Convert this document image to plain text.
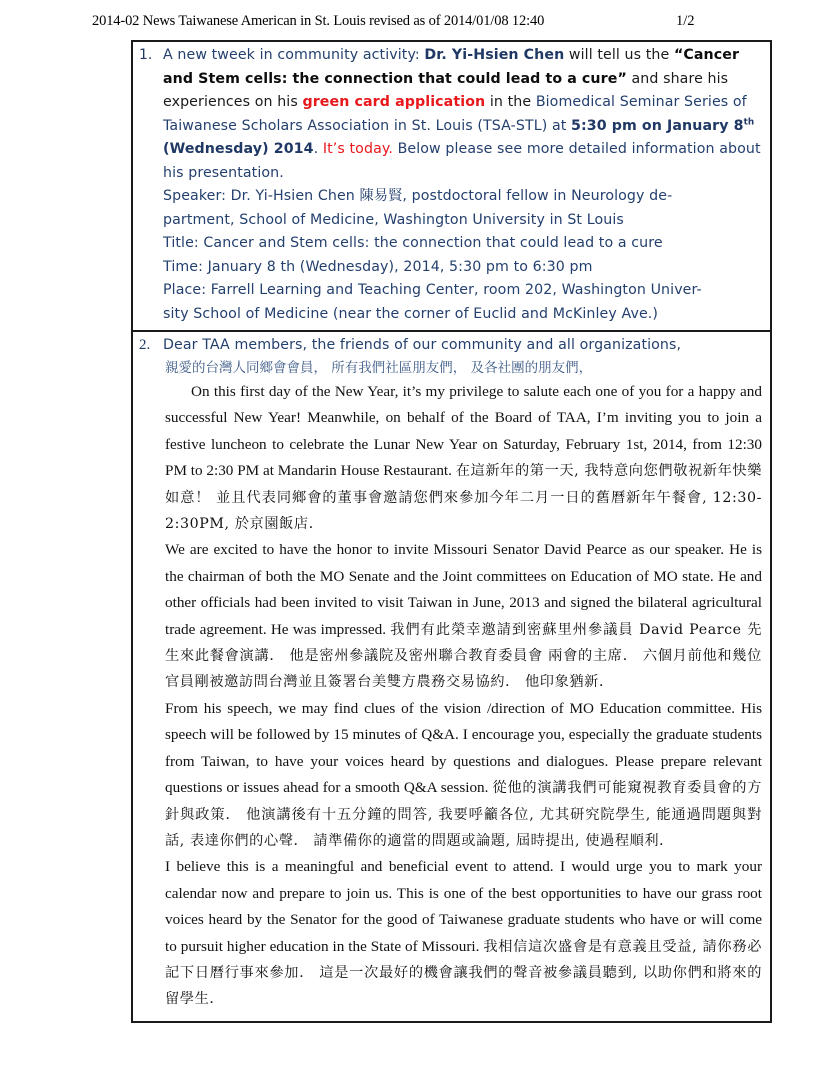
2014-02 News Taiwanese American in St. Louis revised as of 2014/01/08 12:40	1/2
1. A new tweek in community activity: Dr. Yi-Hsien Chen will tell us the “Cancer and Stem cells: the connection that could lead to a cure” and share his experiences on his green card application in the Biomedical Seminar Series of Taiwanese Scholars Association in St. Louis (TSA-STL) at 5:30 pm on January 8th (Wednesday) 2014. It’s today. Below please see more detailed information about his presentation.
Speaker: Dr. Yi-Hsien Chen 陳易賢, postdoctoral fellow in Neurology de-
partment, School of Medicine, Washington University in St Louis
Title: Cancer and Stem cells: the connection that could lead to a cure
Time: January 8 th (Wednesday), 2014, 5:30 pm to 6:30 pm
Place: Farrell Learning and Teaching Center, room 202, Washington Univer-
sity School of Medicine (near the corner of Euclid and McKinley Ave.)
2. Dear TAA members, the friends of our community and all organizations,
親愛的台灣人同鄉會會員， 所有我們社區朋友們， 及各社團的朋友們，

On this first day of the New Year, it’s my privilege to salute each one of you for a happy and successful New Year! Meanwhile, on behalf of the Board of TAA, I’m inviting you to join a festive luncheon to celebrate the Lunar New Year on Saturday, February 1st, 2014, from 12:30 PM to 2:30 PM at Mandarin House Restaurant. 在這新年的第一天, 我特意向您們敬祝新年快樂如意！ 並且代表同鄉會的董事會邀請您們來參加今年二月一日的舊曆新年午餐會, 12:30-2:30PM, 於京園飯店．

We are excited to have the honor to invite Missouri Senator David Pearce as our speaker. He is the chairman of both the MO Senate and the Joint committees on Education of MO state. He and other officials had been invited to visit Taiwan in June, 2013 and signed the bilateral agricultural trade agreement. He was impressed. 我們有此榮幸邀請到密蘇里州參議員 David Pearce 先生來此餐會演講． 他是密州參議院及密州聯合教育委員會 兩會的主席． 六個月前他和幾位官員剛被邀訪問台灣並且簽署台美雙方農務交易協約． 他印象猶新．

From his speech, we may find clues of the vision /direction of MO Education committee. His speech will be followed by 15 minutes of Q&A. I encourage you, especially the graduate students from Taiwan, to have your voices heard by questions and dialogues. Please prepare relevant questions or issues ahead for a smooth Q&A session. 從他的演講我們可能窺視教育委員會的方針與政策． 他演講後有十五分鐘的問答, 我要呼籲各位, 尤其研究院學生, 能通過問題與對話, 表達你們的心聲． 請準備你的適當的問題或論題, 屆時提出, 使過程順利．

I believe this is a meaningful and beneficial event to attend. I would urge you to mark your calendar now and prepare to join us. This is one of the best opportunities to have our grass root voices heard by the Senator for the good of Taiwanese graduate students who have or will come to pursuit higher education in the State of Missouri. 我相信這次盛會是有意義且受益, 請你務必記下日曆行事來參加． 這是一次最好的機會讓我們的聲音被參議員聽到, 以助你們和將來的留學生．
